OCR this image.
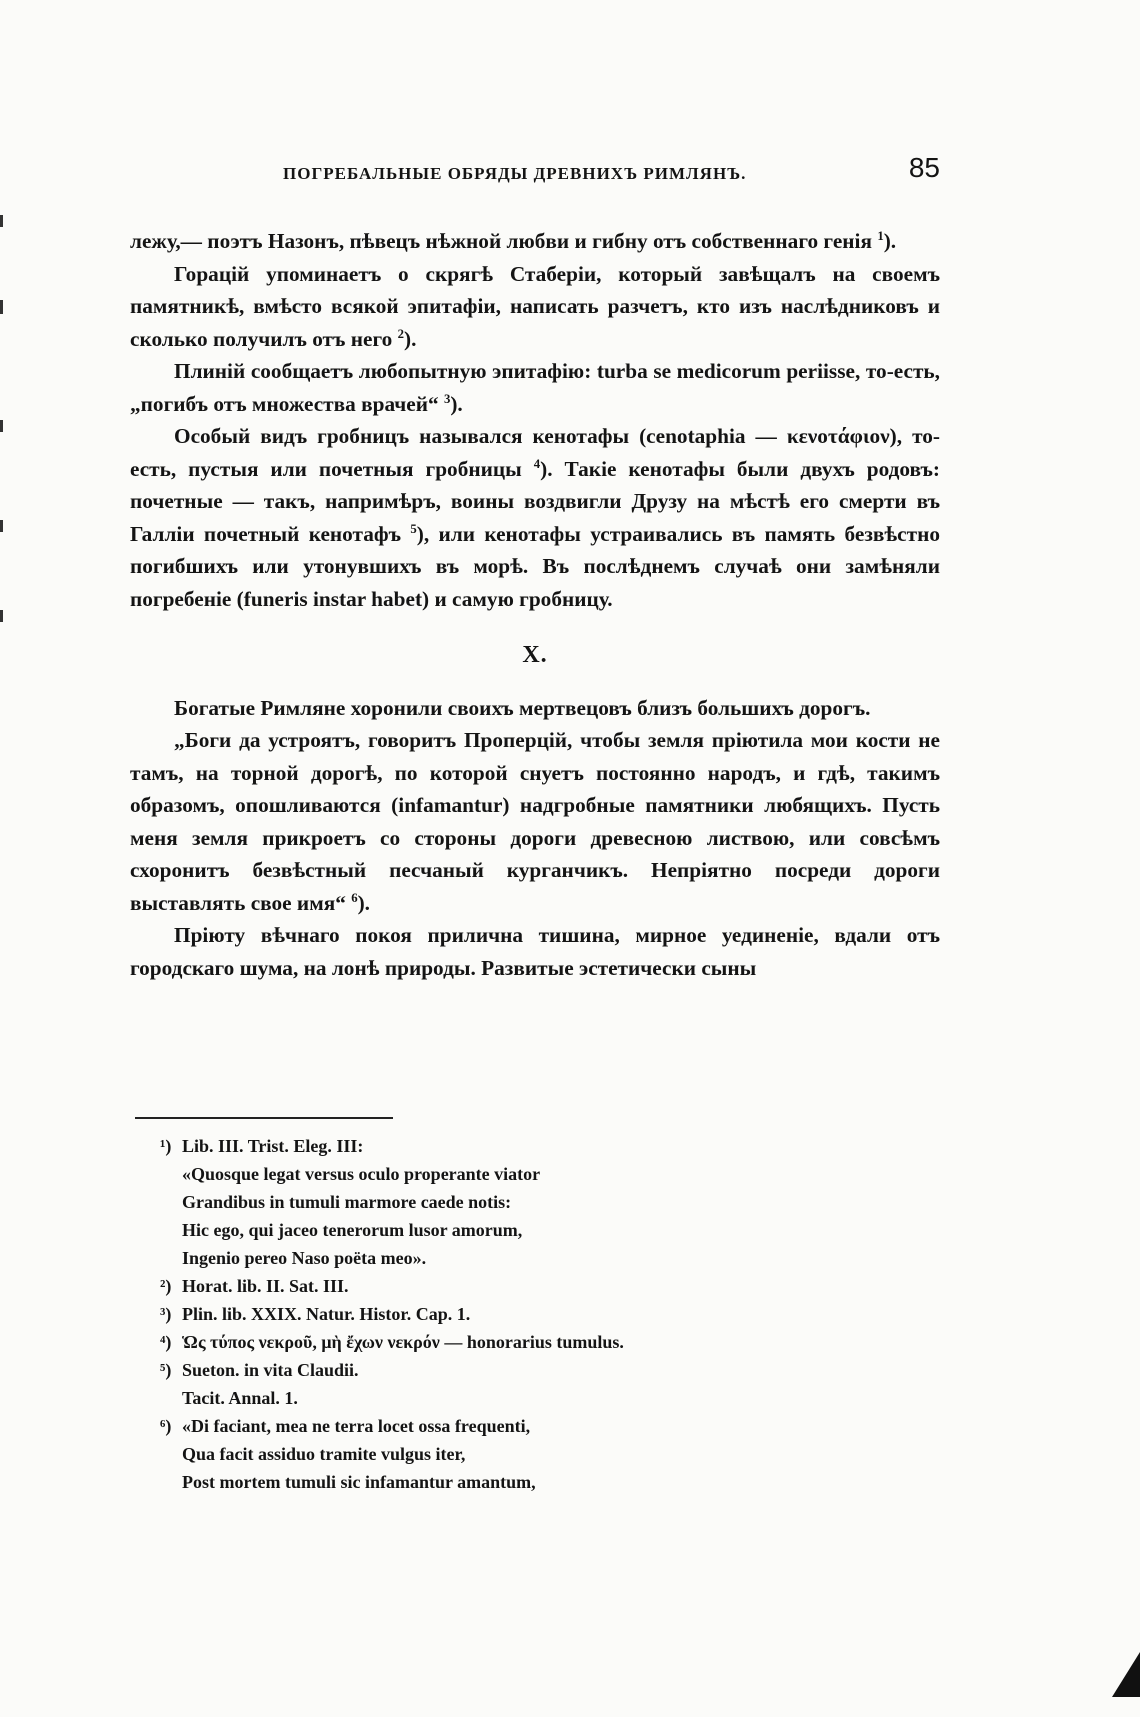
ПОГРЕБАЛЬНЫЕ ОБРЯДЫ ДРЕВНИХЪ РИМЛЯНЪ.	85

лежу,— поэтъ Назонъ, пѣвецъ нѣжной любви и гибну отъ собственнаго генія $^1$).

Горацій упоминаетъ о скрягѣ Стаберіи, который завѣщалъ на своемъ памятникѣ, вмѣсто всякой эпитафіи, написать разчетъ, кто изъ наслѣдниковъ и сколько получилъ отъ него $^2$).

Плиній сообщаетъ любопытную эпитафію: turba se medicorum periisse, то-есть, „погибъ отъ множества врачей“ $^3$).

Особый видъ гробницъ назывался кенотафы (cenotaphia — κενοτάφιον), то-есть, пустыя или почетныя гробницы $^4$). Такіе кенотафы были двухъ родовъ: почетные — такъ, напримѣръ, воины воздвигли Друзу на мѣстѣ его смерти въ Галліи почетный кенотафъ $^5$), или кенотафы устраивались въ память безвѣстно погибшихъ или утонувшихъ въ морѣ. Въ послѣднемъ случаѣ они замѣняли погребеніе (funeris instar habet) и самую гробницу.

X.

Богатые Римляне хоронили своихъ мертвецовъ близъ большихъ дорогъ.

„Боги да устроятъ, говоритъ Проперцій, чтобы земля пріютила мои кости не тамъ, на торной дорогѣ, по которой снуетъ постоянно народъ, и гдѣ, такимъ образомъ, опошливаются (infamantur) надгробные памятники любящихъ. Пусть меня земля прикроетъ со стороны дороги древесною листвою, или совсѣмъ схоронитъ безвѣстный песчаный курганчикъ. Непріятно посреди дороги выставлять свое имя“ $^6$).

Пріюту вѣчнаго покоя прилична тишина, мирное уединеніе, вдали отъ городскаго шума, на лонѣ природы. Развитые эстетически сыны

¹) Lib. III. Trist. Eleg. III:
«Quosque legat versus oculo properante viator
Grandibus in tumuli marmore caede notis:
Hic ego, qui jaceo tenerorum lusor amorum,
Ingenio pereo Naso poëta meo».
²) Horat. lib. II. Sat. III.
³) Plin. lib. XXIX. Natur. Histor. Cap. 1.
⁴) Ὡς τύπος νεκροῦ, μὴ ἔχων νεκρόν — honorarius tumulus.
⁵) Sueton. in vita Claudii.
Tacit. Annal. 1.
⁶) «Di faciant, mea ne terra locet ossa frequenti,
Qua facit assiduo tramite vulgus iter,
Post mortem tumuli sic infamantur amantum,
